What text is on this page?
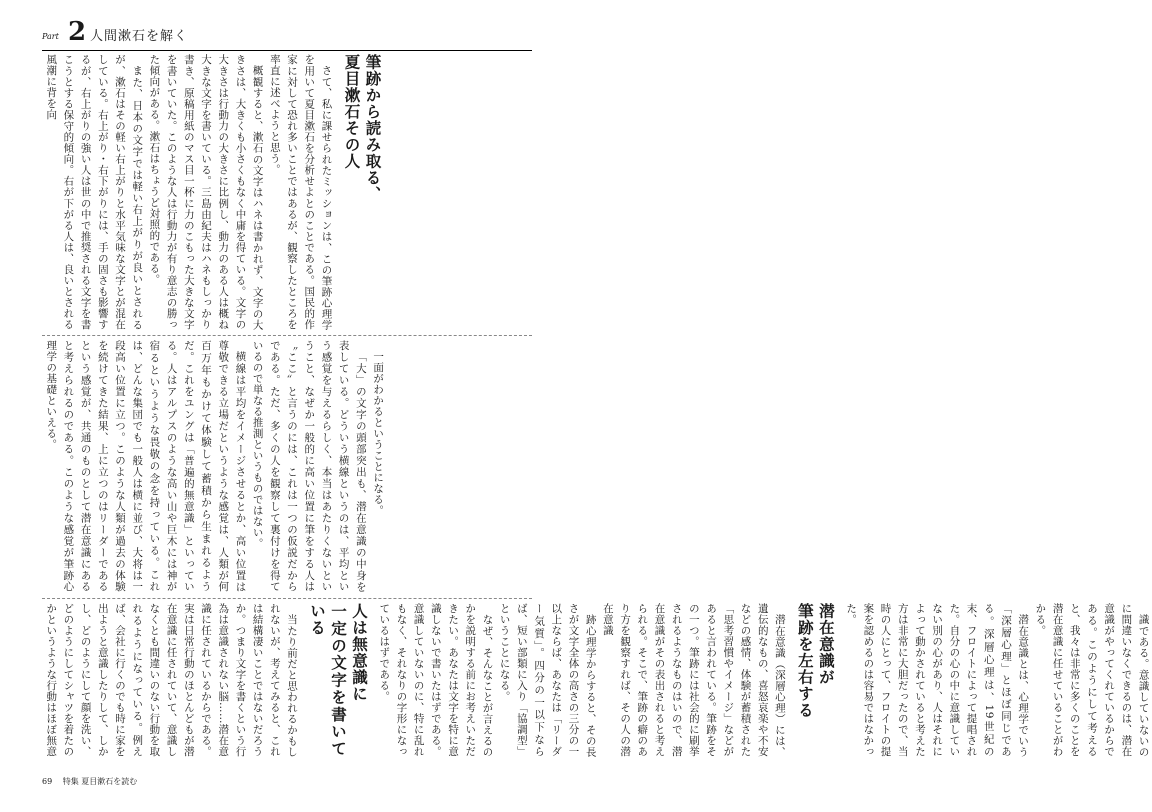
Part 2 人間漱石を解く
筆跡から読み取る、
夏目漱石その人

さて、私に課せられたミッションは、この筆跡心理学を用いて夏目漱石を分析せよとのことである。国民的作家に対して恐れ多いことではあるが、観察したところを率直に述べようと思う。

概観すると、漱石の文字はハネは書かれず、文字の大きさは、大きくも小さくもなく中庸を得ている。文字の大きさは行動力の大きさに比例し、動力のある人は概ね大きな文字を書いている。三島由紀夫はハネもしっかり書き、原稿用紙のマス目一杯に力のこもった大きな文字を書いていた。このような人は行動力が有り意志の勝った傾向がある。漱石はちょうど対照的である。

また、日本の文字では軽い右上がりが良いとされるが、漱石はその軽い右上がりと水平気味な文字とが混在している。右上がり・右下がりには、手の固さも影響するが、右上がりの強い人は世の中で推奨される文字を書こうとする保守的傾向。右が下がる人は、良いとされる風潮に背を向

一面がわかるということになる。

「大」の文字の頭部突出も、潜在意識の中身を表している。どういう横線というのは、平均という感覚を与えるらしく、本当はあたりくないということ、なぜか一般的に高い位置に筆をする人は〝ここ〟と言うのには、これは一つの仮説だからである。ただ、多くの人を観察して裏付けを得ているので単なる推測というものではない。

横線は平均をイメージさせるとか、高い位置は尊敬できる立場だというような感覚は、人類が何百万年もかけて体験して蓄積から生まれるようだ。これをユングは「普遍的無意識」といっている。人はアルプスのような高い山や巨木には神が宿るというような畏敬の念を持っている。これは、どんな集団でも一般人は横に並び、大将は一段高い位置に立つ。このような人類が過去の体験を続けてきた結果、上に立つのはリーダーであるという感覚が、共通のものとして潜在意識にあると考えられるのである。このような感覚が筆跡心理学の基礎といえる。

識である。意識していないのに間違いなくできるのは、潜在意識がやってくれているからである。このようにして考えると、我々は非常に多くのことを潜在意識に任せていることがわかる。

潜在意識とは、心理学でいう「深層心理」とほぼ同じである。深層心理は、19世紀の末、フロイトによって提唱された。自分の心の中に意識していない別の心があり、人はそれによって動かされていると考えた方は非常に大胆だったので、当時の人にとって、フロイトの提案を認めるのは容易ではなかった。

潜在意識が
筆跡を左右する

潜在意識（深層心理）には、遺伝的なもの、喜怒哀楽や不安などの感情、体験が蓄積された「思考習慣やイメージ」などがあると言われている。筆跡をその一つ。筆跡には社会的に刷挙されるようなものはいので、潜在意識がその表出されると考えられる。そこで、筆跡の癖のあり方を観察すれば、その人の潜在意識

跡心理学からすると、その長さが文字全体の高さの三分の一以上ならば、あなたは「リーダー気質」。四分の一以下ならば、短い部類に入り「協調型」ということになる。

なぜ、そんなことが言えるのかを説明する前にお考えいただきたい。あなたは文字を特に意識しないで書いたはずである。意識していないのに、特に乱れもなく、それなりの字形になっているはずである。

人は無意識に
一定の文字を書いている

当たり前だと思われるかもしれないが、考えてみると、これは結構凄いことではないだろうか。つまり文字を書くという行為は意識されない脳……潜在意識に任されているからである。実は日常行動のほとんどもが潜在意識に任されていて、意識しなくとも間違いのない行動を取れるようになっている。例えば、会社に行くのでも時に家を出ようと意識したりして、しかし、どのようにして顔を洗い、どのようにしてシャツを着たのかというような行動はほぼ無意

69 特集 夏目漱石を読む
